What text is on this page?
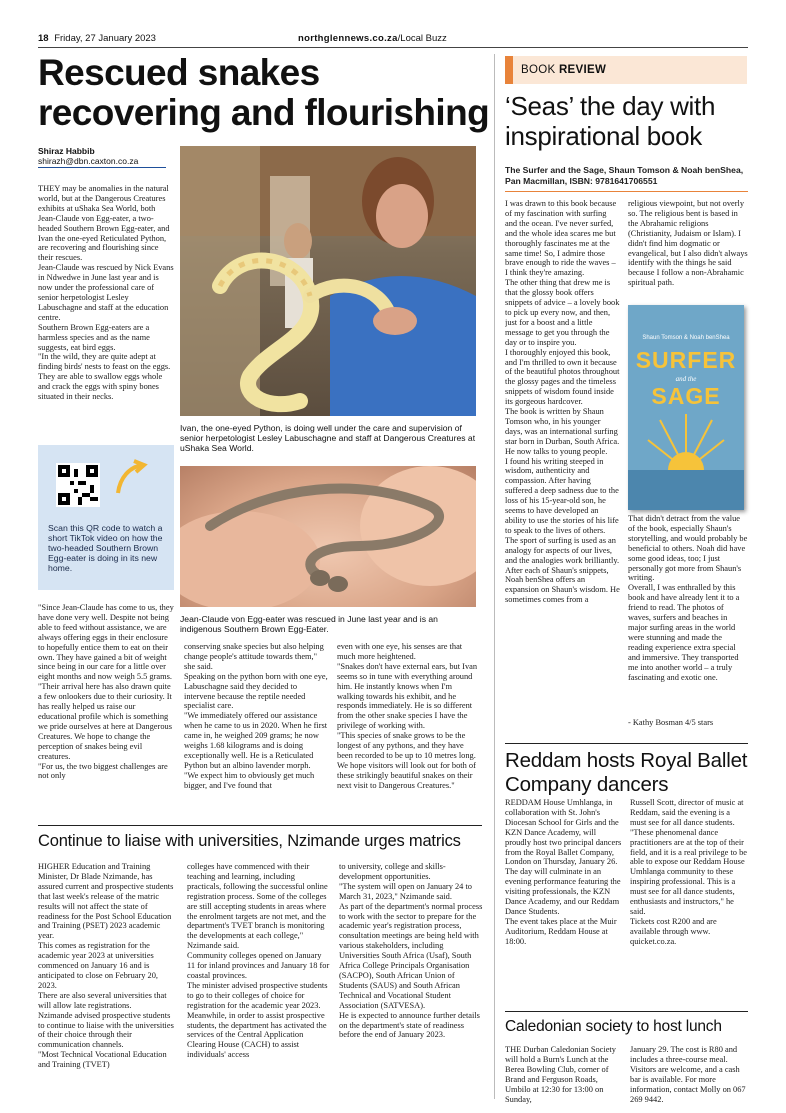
18 Friday, 27 January 2023	northglennews.co.za/Local Buzz
Rescued snakes
recovering and flourishing
Shiraz Habbib
shirazh@dbn.caxton.co.za
THEY may be anomalies in the natural world, but at the Dangerous Creatures exhibits at uShaka Sea World, both Jean-Claude von Egg-eater, a two-headed Southern Brown Egg-eater, and Ivan the one-eyed Reticulated Python, are recovering and flourishing since their rescues.
Jean-Claude was rescued by Nick Evans in Ndwedwe in June last year and is now under the professional care of senior herpetologist Lesley Labuschagne and staff at the education centre.
Southern Brown Egg-eaters are a harmless species and as the name suggests, eat bird eggs.
"In the wild, they are quite adept at finding birds' nests to feast on the eggs. They are able to swallow eggs whole and crack the eggs with spiny bones situated in their necks.
Ivan, the one-eyed Python, is doing well under the care and supervision of senior herpetologist Lesley Labuschagne and staff at Dangerous Creatures at uShaka Sea World.
Scan this QR code to watch a short TikTok video on how the two-headed Southern Brown Egg-eater is doing in its new home.
Jean-Claude von Egg-eater was rescued in June last year and is an indigenous Southern Brown Egg-Eater.
"Since Jean-Claude has come to us, they have done very well. Despite not being able to feed without assistance, we are always offering eggs in their enclosure to hopefully entice them to eat on their own. They have gained a bit of weight since being in our care for a little over eight months and now weigh 5.5 grams.
"Their arrival here has also drawn quite a few onlookers due to their curiosity. It has really helped us raise our educational profile which is something we pride ourselves at here at Dangerous Creatures. We hope to change the perception of snakes being evil creatures.
"For us, the two biggest challenges are not only
conserving snake species but also helping change people's attitude towards them," she said.
Speaking on the python born with one eye, Labuschagne said they decided to intervene because the reptile needed specialist care.
"We immediately offered our assistance when he came to us in 2020. When he first came in, he weighed 209 grams; he now weighs 1.68 kilograms and is doing exceptionally well. He is a Reticulated Python but an albino lavender morph.
"We expect him to obviously get much bigger, and I've found that
even with one eye, his senses are that much more heightened.
"Snakes don't have external ears, but Ivan seems so in tune with everything around him. He instantly knows when I'm walking towards his exhibit, and he responds immediately. He is so different from the other snake species I have the privilege of working with.
"This species of snake grows to be the longest of any pythons, and they have been recorded to be up to 10 metres long. We hope visitors will look out for both of these strikingly beautiful snakes on their next visit to Dangerous Creatures."
Continue to liaise with universities, Nzimande urges matrics
HIGHER Education and Training Minister, Dr Blade Nzimande, has assured current and prospective students that last week's release of the matric results will not affect the state of readiness for the Post School Education and Training (PSET) 2023 academic year.
This comes as registration for the academic year 2023 at universities commenced on January 16 and is anticipated to close on February 20, 2023.
There are also several universities that will allow late registrations.
Nzimande advised prospective students to continue to liaise with the universities of their choice through their communication channels.
"Most Technical Vocational Education and Training (TVET)
colleges have commenced with their teaching and learning, including practicals, following the successful online registration process. Some of the colleges are still accepting students in areas where the enrolment targets are not met, and the department's TVET branch is monitoring the developments at each college," Nzimande said.
Community colleges opened on January 11 for inland provinces and January 18 for coastal provinces.
The minister advised prospective students to go to their colleges of choice for registration for the academic year 2023.
Meanwhile, in order to assist prospective students, the department has activated the services of the Central Application Clearing House (CACH) to assist individuals' access
to university, college and skills-development opportunities.
"The system will open on January 24 to March 31, 2023," Nzimande said.
As part of the department's normal process to work with the sector to prepare for the academic year's registration process, consultation meetings are being held with various stakeholders, including Universities South Africa (Usaf), South Africa College Principals Organisation (SACPO), South African Union of Students (SAUS) and South African Technical and Vocational Student Association (SATVESA).
He is expected to announce further details on the department's state of readiness before the end of January 2023.
BOOK REVIEW
‘Seas’ the day with
inspirational book
The Surfer and the Sage, Shaun Tomson & Noah benShea, Pan Macmillan, ISBN: 9781641706551
I was drawn to this book because of my fascination with surfing and the ocean. I've never surfed, and the whole idea scares me but thoroughly fascinates me at the same time! So, I admire those brave enough to ride the waves – I think they're amazing.
The other thing that drew me is that the glossy book offers snippets of advice – a lovely book to pick up every now, and then, just for a boost and a little message to get you through the day or to inspire you.
I thoroughly enjoyed this book, and I'm thrilled to own it because of the beautiful photos throughout the glossy pages and the timeless snippets of wisdom found inside its gorgeous hardcover.
The book is written by Shaun Tomson who, in his younger days, was an international surfing star born in Durban, South Africa. He now talks to young people.
I found his writing steeped in wisdom, authenticity and compassion. After having suffered a deep sadness due to the loss of his 15-year-old son, he seems to have developed an ability to use the stories of his life to speak to the lives of others. The sport of surfing is used as an analogy for aspects of our lives, and the analogies work brilliantly.
After each of Shaun's snippets, Noah benShea offers an expansion on Shaun's wisdom. He sometimes comes from a
religious viewpoint, but not overly so. The religious bent is based in the Abrahamic religions (Christianity, Judaism or Islam). I didn't find him dogmatic or evangelical, but I also didn't always identify with the things he said because I follow a non-Abrahamic spiritual path.
Shaun Tomson & Noah benShea
SURFER
and the
SAGE
That didn't detract from the value of the book, especially Shaun's storytelling, and would probably be beneficial to others. Noah did have some good ideas, too; I just personally got more from Shaun's writing.
Overall, I was enthralled by this book and have already lent it to a friend to read. The photos of waves, surfers and beaches in major surfing areas in the world were stunning and made the reading experience extra special and immersive. They transported me into another world – a truly fascinating and exotic one.
- Kathy Bosman 4/5 stars
Reddam hosts Royal Ballet
Company dancers
REDDAM House Umhlanga, in collaboration with St. John's Diocesan School for Girls and the KZN Dance Academy, will proudly host two principal dancers from the Royal Ballet Company, London on Thursday, January 26.
The day will culminate in an evening performance featuring the visiting professionals, the KZN Dance Academy, and our Reddam Dance Students.
The event takes place at the Muir Auditorium, Reddam House at 18:00.
Russell Scott, director of music at Reddam, said the evening is a must see for all dance students.
"These phenomenal dance practitioners are at the top of their field, and it is a real privilege to be able to expose our Reddam House Umhlanga community to these inspiring professional. This is a must see for all dance students, enthusiasts and instructors," he said.
Tickets cost R200 and are available through www. quicket.co.za.
Caledonian society to host lunch
THE Durban Caledonian Society will hold a Burn's Lunch at the Berea Bowling Club, corner of Brand and Ferguson Roads, Umbilo at 12:30 for 13:00 on Sunday,
January 29. The cost is R80 and includes a three-course meal. Visitors are welcome, and a cash bar is available. For more information, contact Molly on 067 269 9442.
